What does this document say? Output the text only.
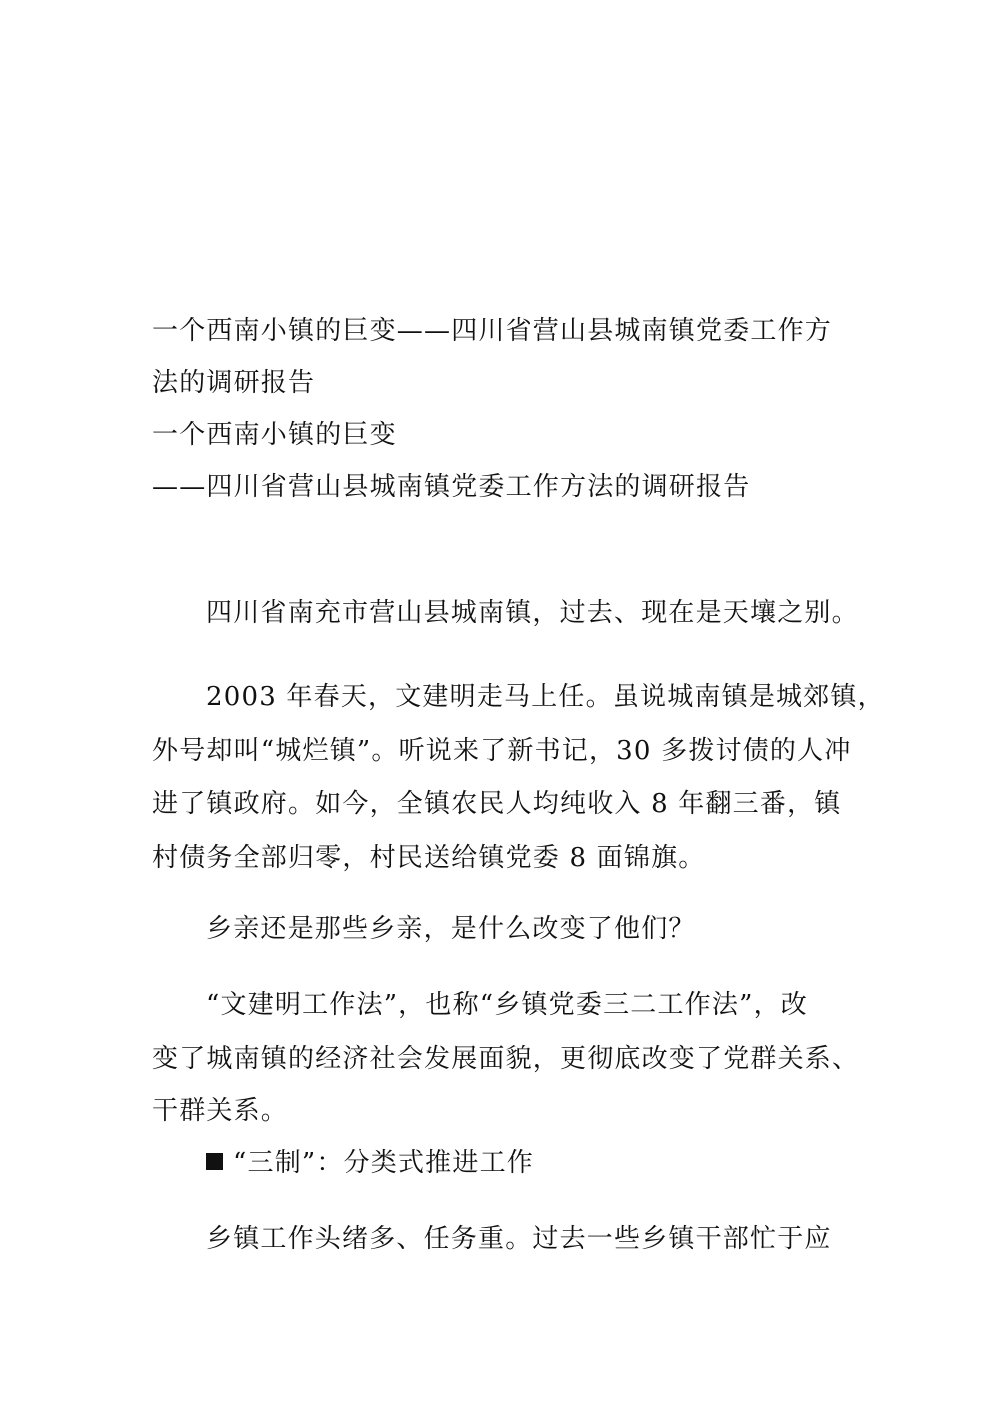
一个西南小镇的巨变——四川省营山县城南镇党委工作方
法的调研报告
一个西南小镇的巨变
——四川省营山县城南镇党委工作方法的调研报告
四川省南充市营山县城南镇，过去、现在是天壤之别。
2003 年春天，文建明走马上任。虽说城南镇是城郊镇，
外号却叫“城烂镇”。听说来了新书记，30 多拨讨债的人冲
进了镇政府。如今，全镇农民人均纯收入 8 年翻三番，镇
村债务全部归零，村民送给镇党委 8 面锦旗。
乡亲还是那些乡亲，是什么改变了他们？
“文建明工作法”，也称“乡镇党委三二工作法”，改
变了城南镇的经济社会发展面貌，更彻底改变了党群关系、
干群关系。
“三制”：分类式推进工作
乡镇工作头绪多、任务重。过去一些乡镇干部忙于应
